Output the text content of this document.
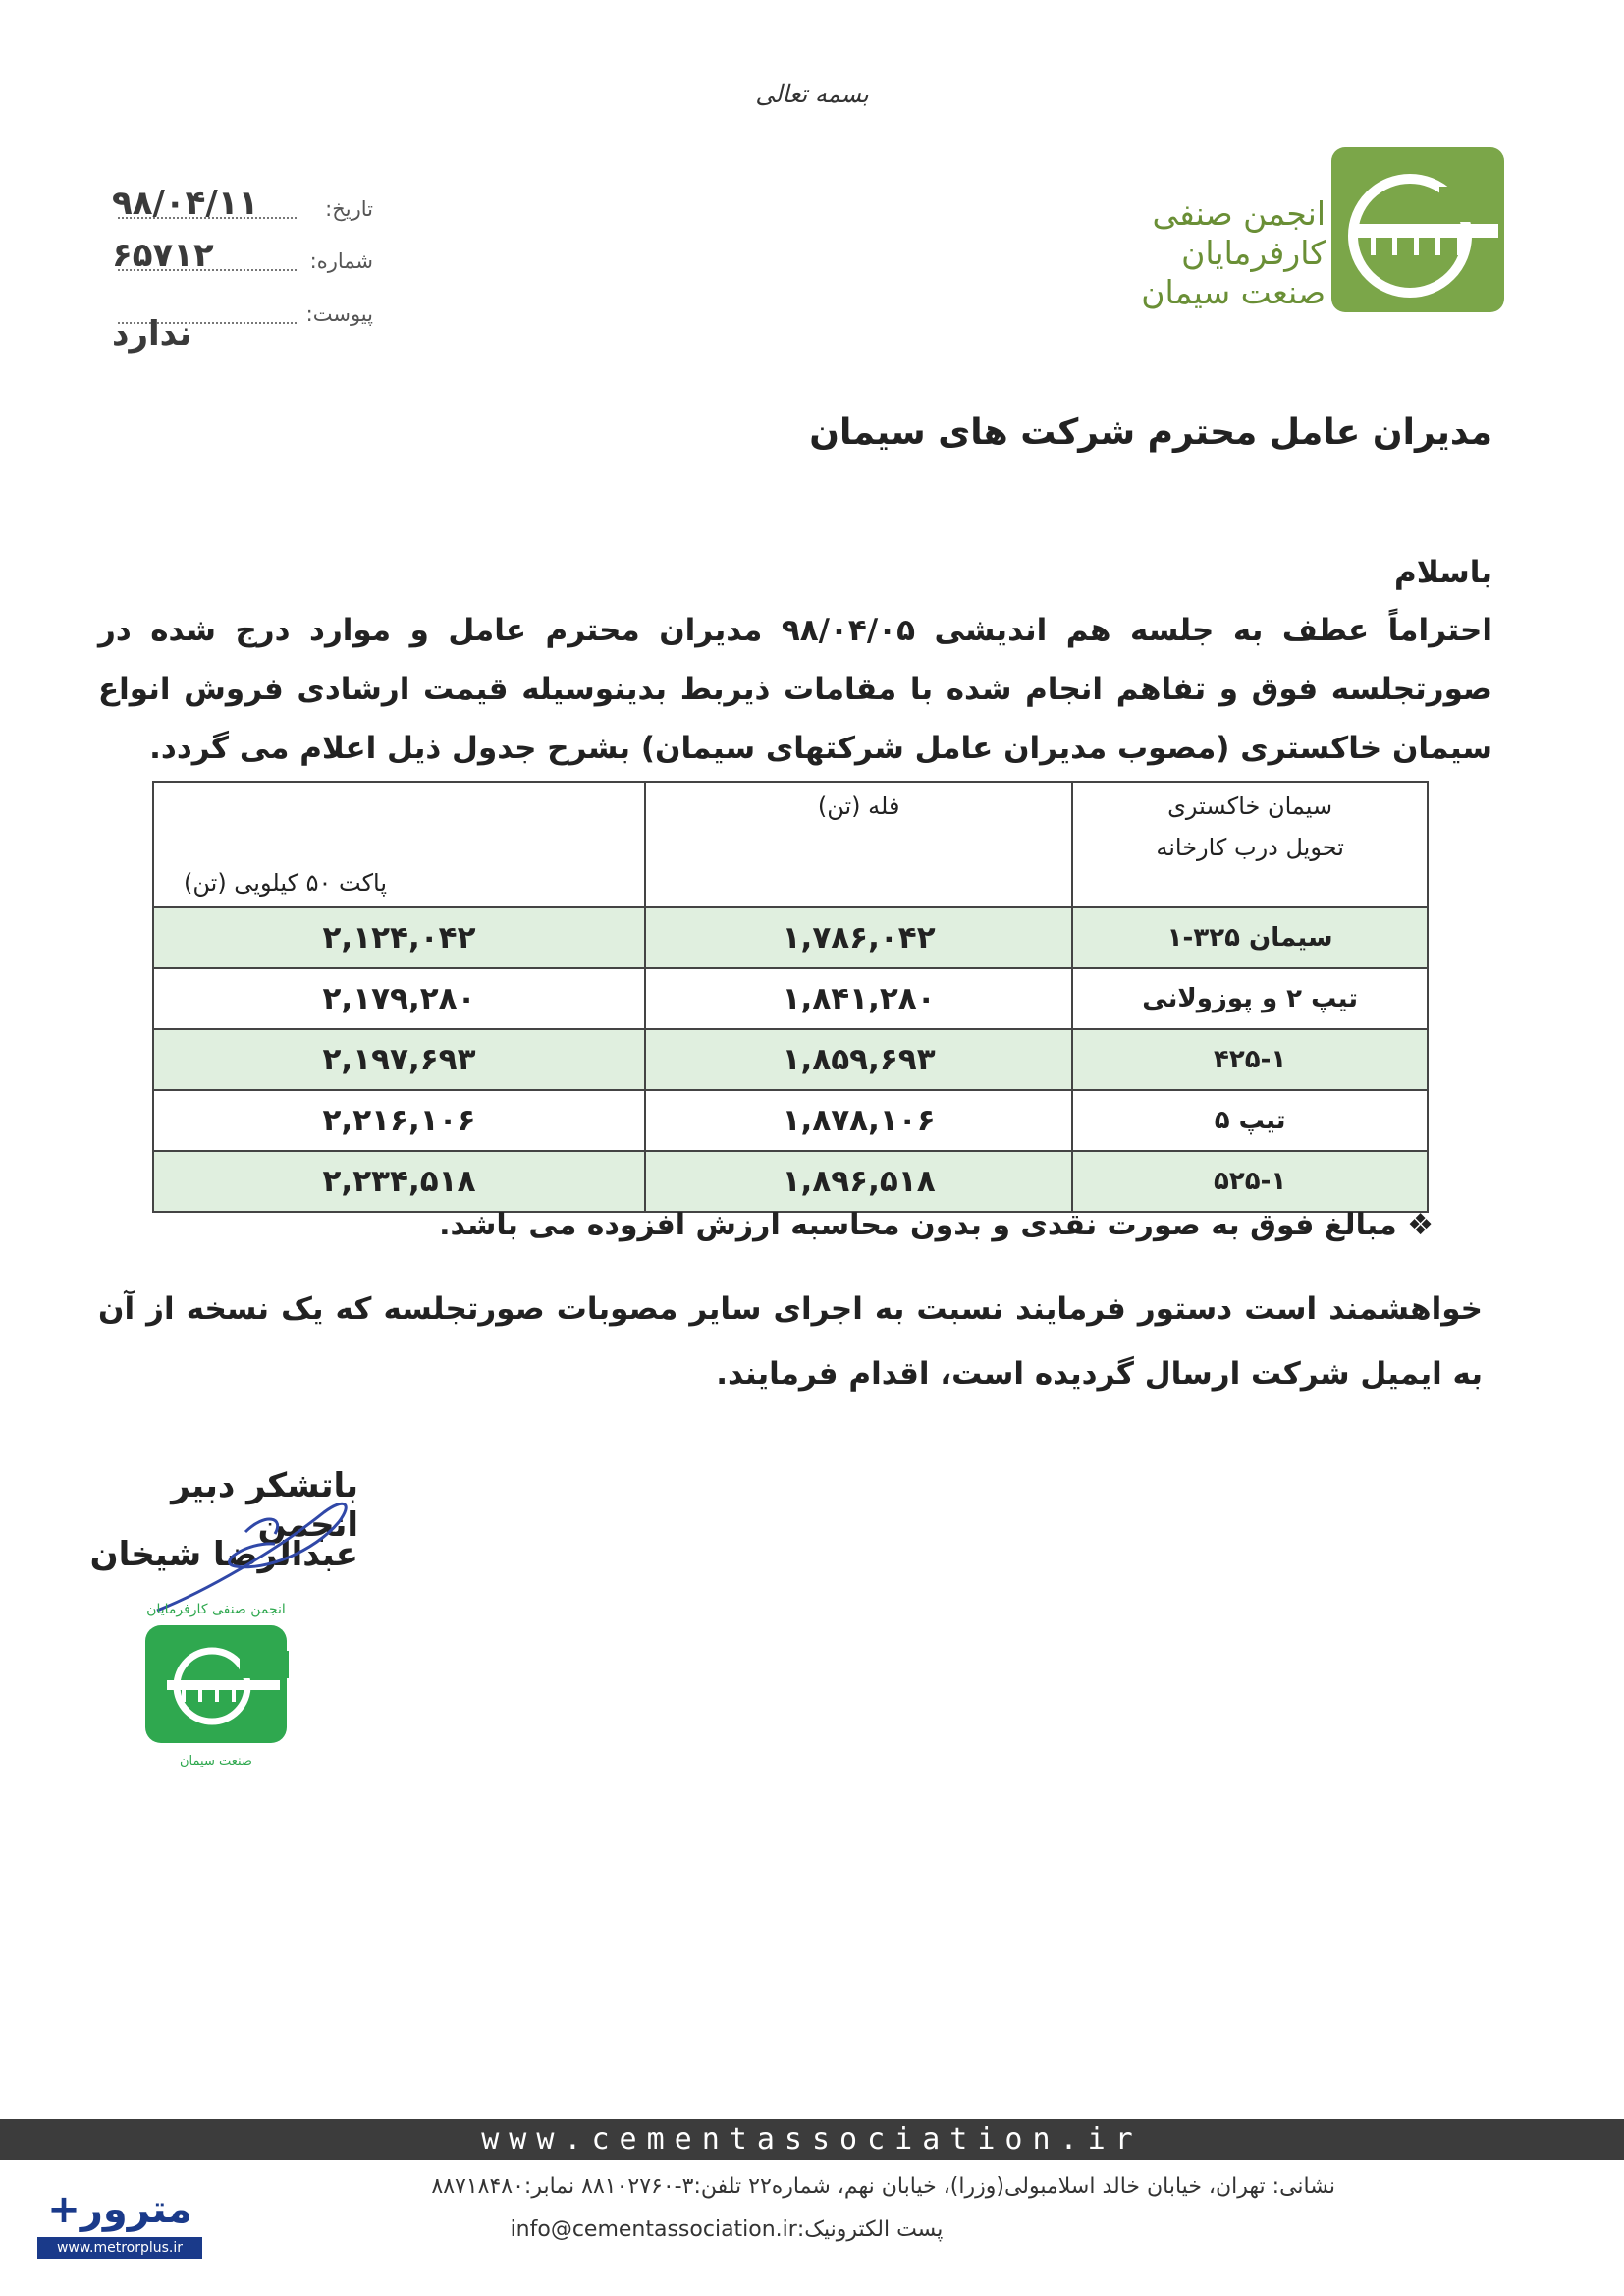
بسمه تعالی
تاریخ:
۹۸/۰۴/۱۱
شماره:
۶۵۷۱۲
پیوست:
ندارد
انجمن صنفی
کارفرمایان
صنعت سیمان
مدیران عامل محترم شرکت های سیمان
باسلام
احتراماً عطف به جلسه هم اندیشی ۹۸/۰۴/۰۵ مدیران محترم عامل و موارد درج شده در صورتجلسه فوق و تفاهم انجام شده با مقامات ذیربط بدینوسیله قیمت ارشادی فروش انواع سیمان خاکستری (مصوب مدیران عامل شرکتهای سیمان) بشرح جدول ذیل اعلام می گردد.
سیمان خاکستری
تحویل درب کارخانه	فله (تن)	پاکت ۵۰ کیلویی (تن)
سیمان ۳۲۵-۱	۱,۷۸۶,۰۴۲	۲,۱۲۴,۰۴۲
تیپ ۲ و پوزولانی	۱,۸۴۱,۲۸۰	۲,۱۷۹,۲۸۰
۴۲۵-۱	۱,۸۵۹,۶۹۳	۲,۱۹۷,۶۹۳
تیپ ۵	۱,۸۷۸,۱۰۶	۲,۲۱۶,۱۰۶
۵۲۵-۱	۱,۸۹۶,۵۱۸	۲,۲۳۴,۵۱۸
❖ مبالغ فوق به صورت نقدی و بدون محاسبه ارزش افزوده می باشد.
خواهشمند است دستور فرمایند نسبت به اجرای سایر مصوبات صورتجلسه که یک نسخه از آن به ایمیل شرکت ارسال گردیده است، اقدام فرمایند.
باتشکر دبیر انجمن
عبدالرضا شیخان
انجمن صنفی کارفرمایان
صنعت سیمان
www.cementassociation.ir
نشانی: تهران، خیابان خالد اسلامبولی(وزرا)، خیابان نهم، شماره۲۲ تلفن:۳-۸۸۱۰۲۷۶۰ نمابر:۸۸۷۱۸۴۸۰
پست الکترونیک:info@cementassociation.ir
مترور+
www.metrorplus.ir
